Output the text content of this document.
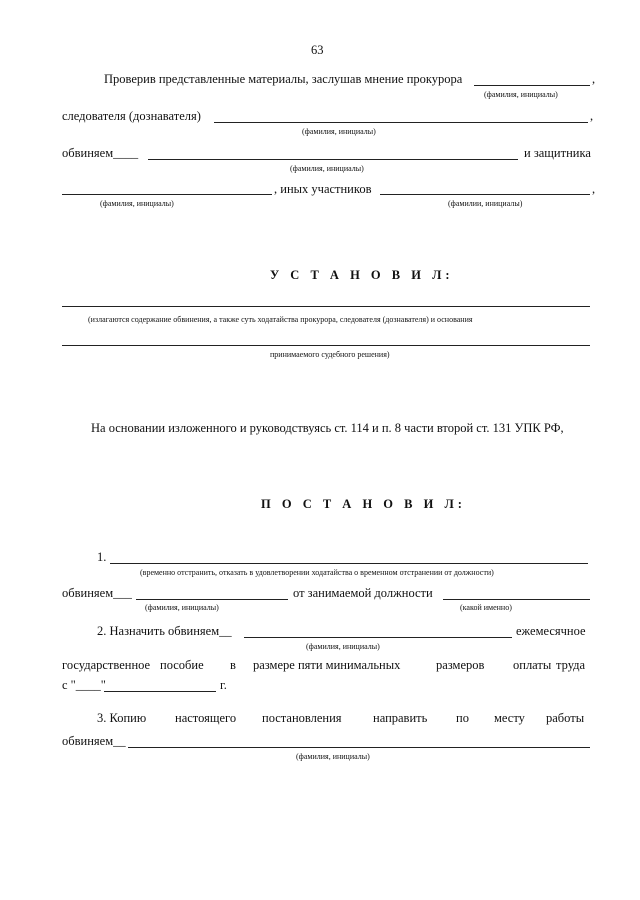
63
Проверив представленные материалы, заслушав мнение прокурора	,
(фамилия, инициалы)
следователя (дознавателя)	,
(фамилия, инициалы)
обвиняем____	и защитника
(фамилия, инициалы)
, иных участников	,
(фамилия, инициалы)	(фамилии, инициалы)
У С Т А Н О В И Л:
(излагаются содержание обвинения, а также суть ходатайства прокурора, следователя (дознавателя) и основания
принимаемого судебного решения)
На основании изложенного и руководствуясь ст. 114 и п. 8 части второй ст. 131 УПК РФ,
П О С Т А Н О В И Л:
1.
(временно отстранить, отказать в удовлетворении ходатайства о временном отстранении от должности)
обвиняем___	от занимаемой должности
(фамилия, инициалы)	(какой именно)
2. Назначить обвиняем__	ежемесячное
(фамилия, инициалы)
государственное пособие в размере пяти минимальных	размеров оплаты труда
с "____"	г.
3. Копию настоящего постановления	направить по месту работы
обвиняем__
(фамилия, инициалы)
